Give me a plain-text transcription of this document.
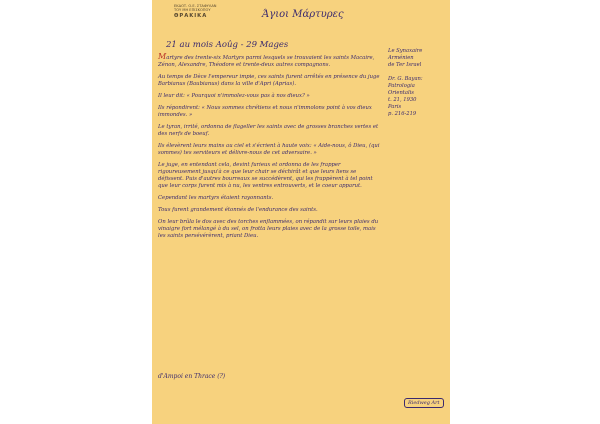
ΕΚΔΟΤ. Ο.Ε. ΣΤΑΦΥΛΑΝ
ΤΟΥ ΜΗ ΕΠΙΣΚΟΠΟΥ
ΘΡΑΚΙΚΑ	Άγιοι Μάρτυρες
21 au mois Aoûg - 29 Mages

Martyre des trente-six Martyrs parmi lesquels se trouvaient les saints Macaire, Zénon, Alexandre, Théodore et trente-deux autres compagnons.

Au temps de Dèce l'empereur impie, ces saints furent arrêtés en présence du juge Barbianus (Baubianus) dans la ville d'Apri (Aprias).

Il leur dit: « Pourquoi n'immolez-vous pas à nos dieux? »

Ils répondirent: « Nous sommes chrétiens et nous n'immolons point à vos dieux immondes. »

Le tyran, irrité, ordonna de flageller les saints avec de grosses branches vertes et des nerfs de boeuf.

Ils élevèrent leurs mains au ciel et s'écrient à haute voix: « Aide-nous, ô Dieu, (qui sommes) tes serviteurs et délivre-nous de cet adversaire. »

Le juge, en entendant cela, devint furieux et ordonna de les frapper rigoureusement jusqu'à ce que leur chair se déchirât et que leurs liens se défissent. Puis d'autres bourreaux se succédèrent, qui les frappèrent à tel point que leur corps furent mis à nu, les ventres entrouverts, et le coeur apparut.

Cependant les martyrs étaient rayonnants.

Tous furent grandement étonnés de l'endurance des saints.

On leur brûla le dos avec des torches enflammées, on répandit sur leurs plaies du vinaigre fort mélangé à du sel, on frotta leurs plaies avec de la grosse toile, mais les saints persévérèrent, priant Dieu.

Le Synaxaire
Arménien
de Ter Israel

Dr. G. Bayan:
Patrologia
Orientalis
t. 21, 1930
Paris
p. 216-219
d'Ampoi en Thrace (?)
Riedweg Art
